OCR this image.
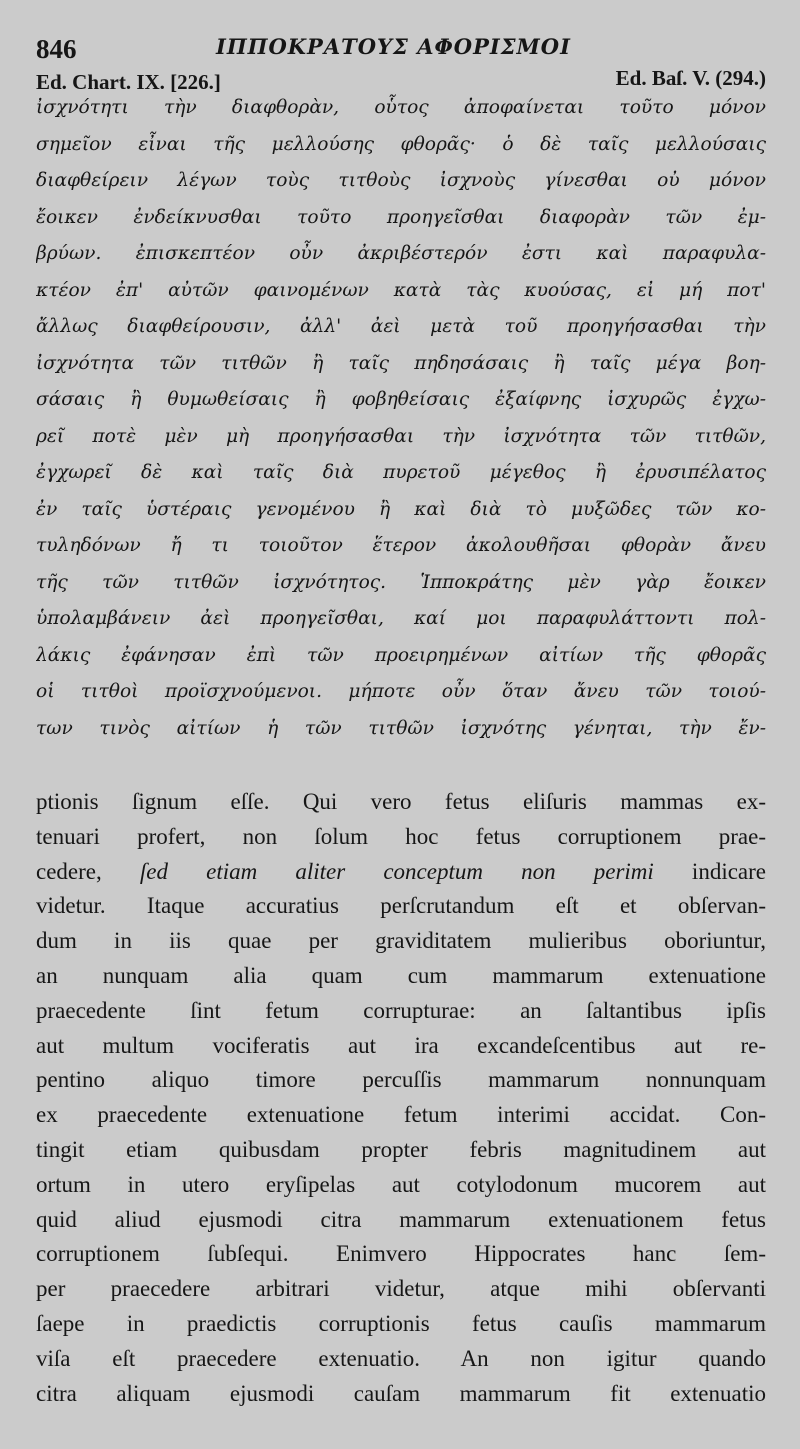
846	ΙΠΠΟΚΡΑΤΟΥΣ ΑΦΟΡΙΣΜΟΙ
Ed. Chart. IX. [226.]	Ed. Baſ. V. (294.)
ἰσχνότητι τὴν διαφθορὰν, οὗτος ἀποφαίνεται τοῦτο μόνον
σημεῖον εἶναι τῆς μελλούσης φθορᾶς· ὁ δὲ ταῖς μελλούσαις
διαφθείρειν λέγων τοὺς τιτθοὺς ἰσχνοὺς γίνεσθαι οὐ μόνον
ἔοικεν ἐνδείκνυσθαι τοῦτο προηγεῖσθαι διαφορὰν τῶν ἐμ-
βρύων. ἐπισκεπτέον οὖν ἀκριβέστερόν ἐστι καὶ παραφυλα-
κτέον ἐπ' αὐτῶν φαινομένων κατὰ τὰς κυούσας, εἰ μή ποτ'
ἄλλως διαφθείρουσιν, ἀλλ' ἀεὶ μετὰ τοῦ προηγήσασθαι τὴν
ἰσχνότητα τῶν τιτθῶν ἢ ταῖς πηδησάσαις ἢ ταῖς μέγα βοη-
σάσαις ἢ θυμωθείσαις ἢ φοβηθείσαις ἐξαίφνης ἰσχυρῶς ἐγχω-
ρεῖ ποτὲ μὲν μὴ προηγήσασθαι τὴν ἰσχνότητα τῶν τιτθῶν,
ἐγχωρεῖ δὲ καὶ ταῖς διὰ πυρετοῦ μέγεθος ἢ ἐρυσιπέλατος
ἐν ταῖς ὑστέραις γενομένου ἢ καὶ διὰ τὸ μυξῶδες τῶν κο-
τυληδόνων ἤ τι τοιοῦτον ἕτερον ἀκολουθῆσαι φθορὰν ἄνευ
τῆς τῶν τιτθῶν ἰσχνότητος. Ἱπποκράτης μὲν γὰρ ἔοικεν
ὑπολαμβάνειν ἀεὶ προηγεῖσθαι, καί μοι παραφυλάττοντι πολ-
λάκις ἐφάνησαν ἐπὶ τῶν προειρημένων αἰτίων τῆς φθορᾶς
οἱ τιτθοὶ προϊσχνούμενοι. μήποτε οὖν ὅταν ἄνευ τῶν τοιού-
των τινὸς αἰτίων ἡ τῶν τιτθῶν ἰσχνότης γένηται, τὴν ἔν-
ptionis ſignum eſſe. Qui vero fetus eliſuris mammas ex-
tenuari profert, non ſolum hoc fetus corruptionem prae-
cedere, ſed etiam aliter conceptum non perimi indicare
videtur. Itaque accuratius perſcrutandum eſt et obſervan-
dum in iis quae per graviditatem mulieribus oboriuntur,
an nunquam alia quam cum mammarum extenuatione
praecedente ſint fetum corrupturae: an ſaltantibus ipſis
aut multum vociferatis aut ira excandeſcentibus aut re-
pentino aliquo timore percuſſis mammarum nonnunquam
ex praecedente extenuatione fetum interimi accidat. Con-
tingit etiam quibusdam propter febris magnitudinem aut
ortum in utero eryſipelas aut cotylodonum mucorem aut
quid aliud ejusmodi citra mammarum extenuationem fetus
corruptionem ſubſequi. Enimvero Hippocrates hanc ſem-
per praecedere arbitrari videtur, atque mihi obſervanti
ſaepe in praedictis corruptionis fetus cauſis mammarum
viſa eſt praecedere extenuatio. An non igitur quando
citra aliquam ejusmodi cauſam mammarum fit extenuatio
